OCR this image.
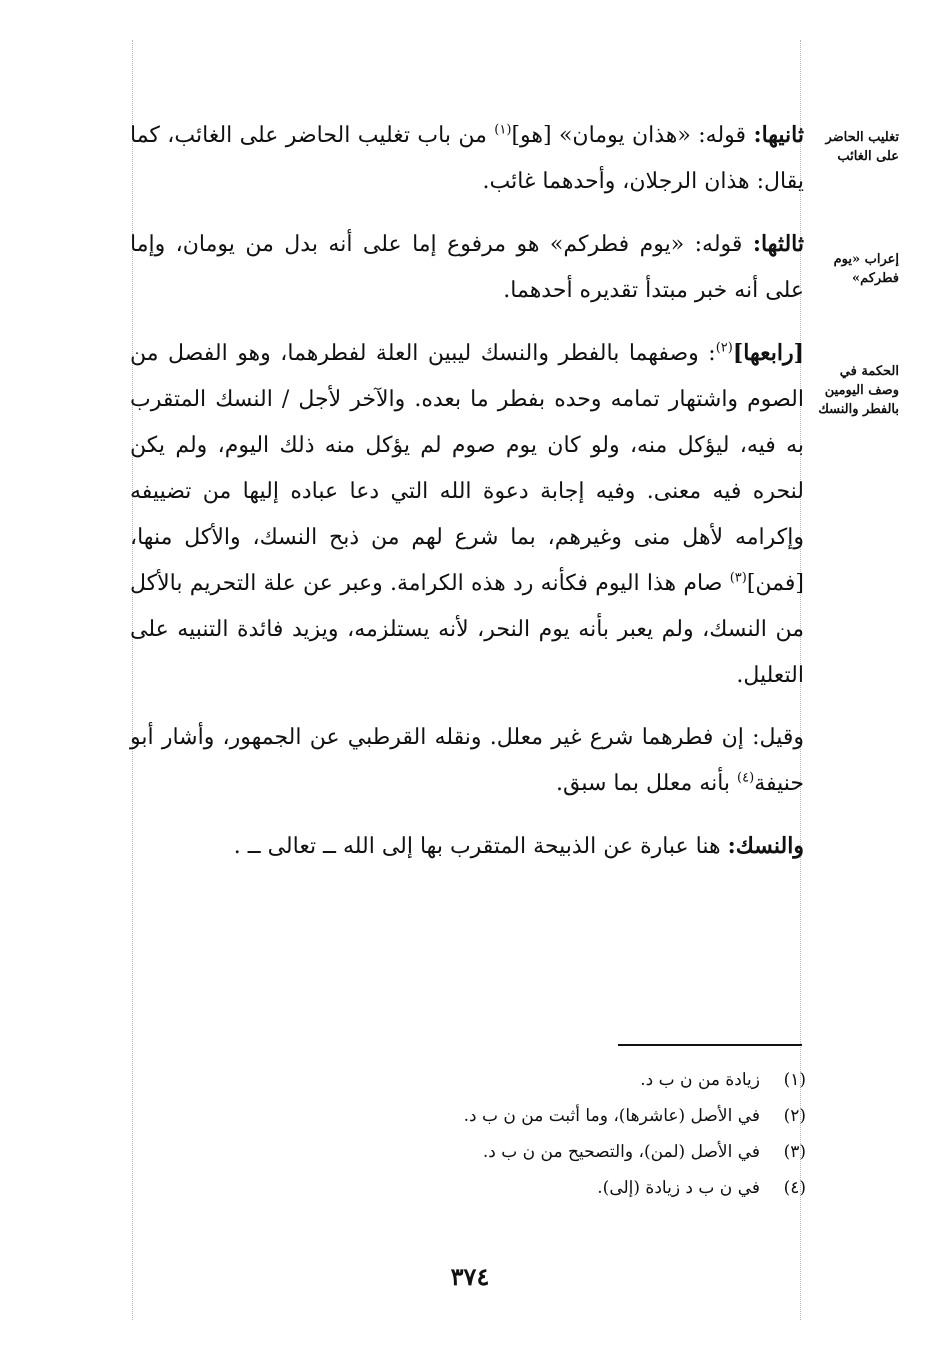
تغليب الحاضر على الغائب
إعراب «يوم فطركم»
الحكمة في وصف اليومين بالفطر والنسك

ثانيها: قوله: «هذان يومان» [هو]$^{(١)}$ من باب تغليب الحاضر على الغائب، كما يقال: هذان الرجلان، وأحدهما غائب.

ثالثها: قوله: «يوم فطركم» هو مرفوع إما على أنه بدل من يومان، وإما على أنه خبر مبتدأ تقديره أحدهما.

[رابعها]$^{(٢)}$: وصفهما بالفطر والنسك ليبين العلة لفطرهما، وهو الفصل من الصوم واشتهار تمامه وحده بفطر ما بعده. والآخر لأجل / النسك المتقرب به فيه، ليؤكل منه، ولو كان يوم صوم لم يؤكل منه ذلك اليوم، ولم يكن لنحره فيه معنى. وفيه إجابة دعوة الله التي دعا عباده إليها من تضييفه وإكرامه لأهل منى وغيرهم، بما شرع لهم من ذبح النسك، والأكل منها، [فمن]$^{(٣)}$ صام هذا اليوم فكأنه رد هذه الكرامة. وعبر عن علة التحريم بالأكل من النسك، ولم يعبر بأنه يوم النحر، لأنه يستلزمه، ويزيد فائدة التنبيه على التعليل.

وقيل: إن فطرهما شرع غير معلل. ونقله القرطبي عن الجمهور، وأشار أبو حنيفة$^{(٤)}$ بأنه معلل بما سبق.

والنسك: هنا عبارة عن الذبيحة المتقرب بها إلى الله ــ تعالى ــ .

(١)زيادة من ن ب د.
(٢)في الأصل (عاشرها)، وما أثبت من ن ب د.
(٣)في الأصل (لمن)، والتصحيح من ن ب د.
(٤)في ن ب د زيادة (إلى).
٣٧٤
